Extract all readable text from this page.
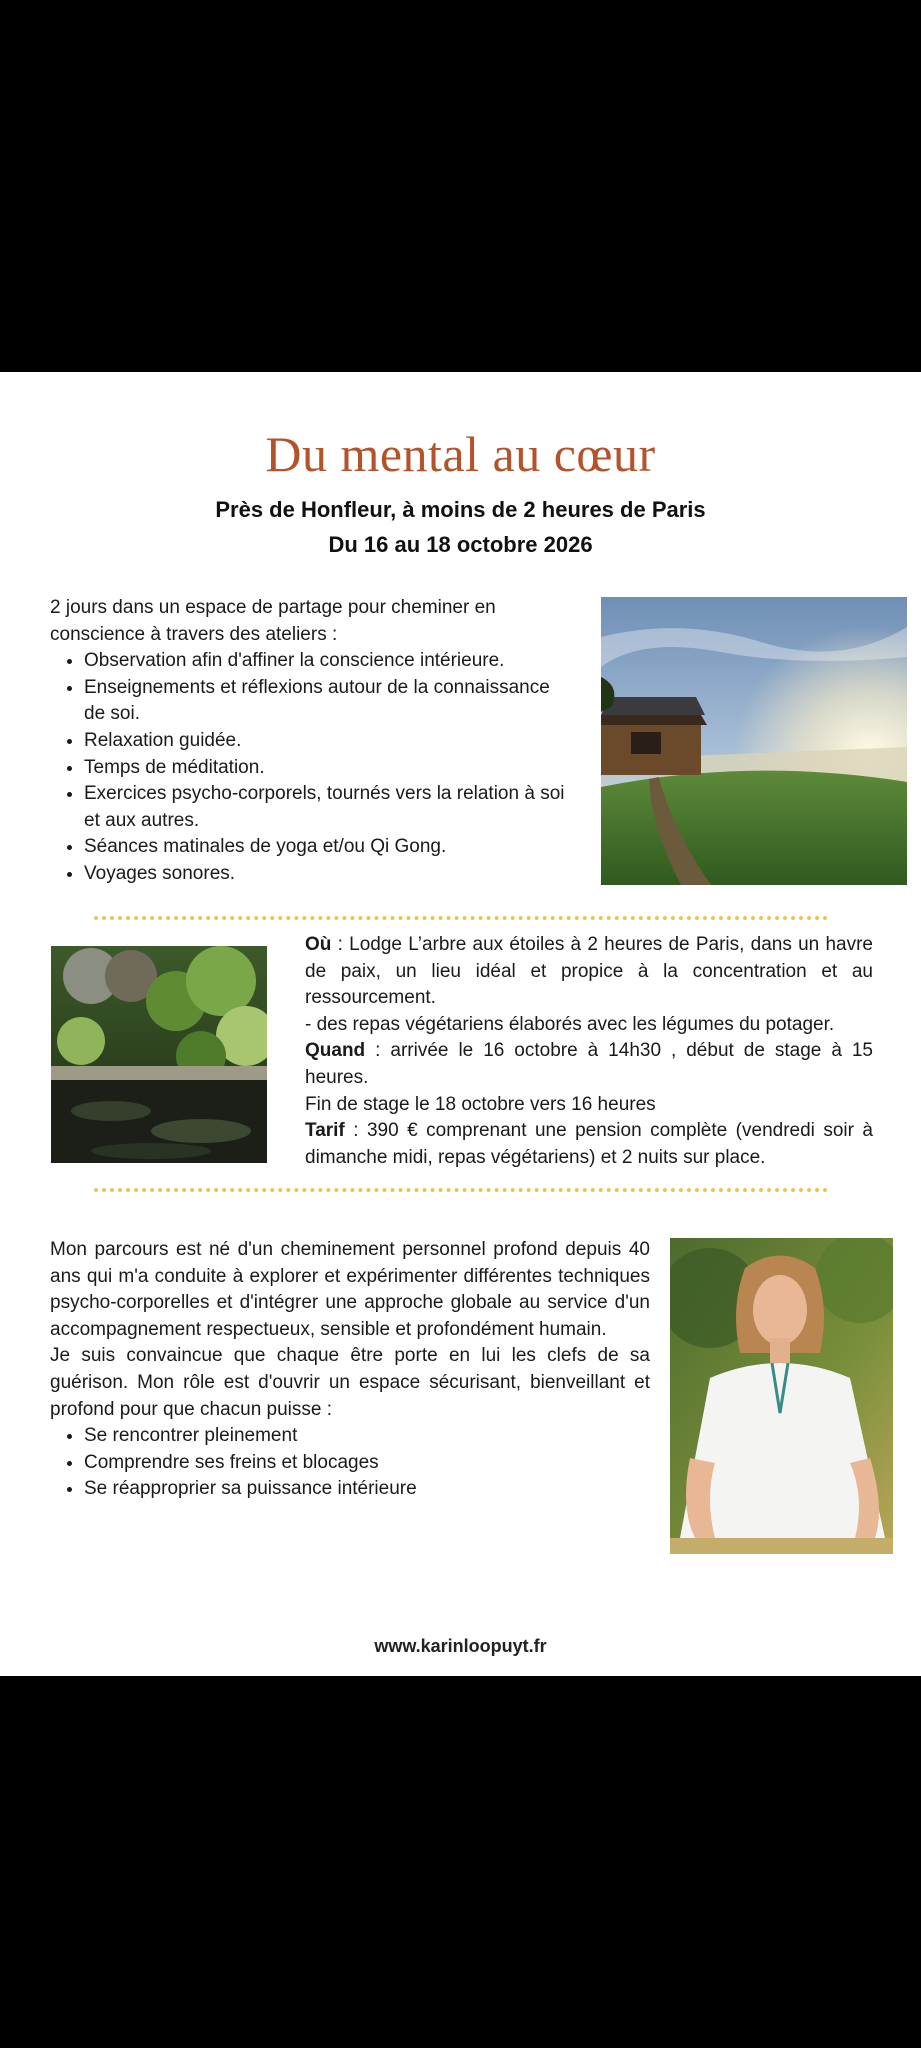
Du mental au cœur
Près de Honfleur, à moins de 2 heures de Paris
Du 16 au 18 octobre 2026
2 jours dans un espace de partage pour cheminer en
conscience à travers des ateliers :
• Observation afin d'affiner la conscience intérieure.
• Enseignements et réflexions autour de la connaissance de soi.
• Relaxation guidée.
• Temps de méditation.
• Exercices psycho-corporels, tournés vers la relation à soi et aux autres.
• Séances matinales de yoga et/ou Qi Gong.
• Voyages sonores.

Où : Lodge L’arbre aux étoiles à 2 heures de Paris, dans un havre de paix, un lieu idéal et propice à la concentration et au ressourcement.

- des repas végétariens élaborés avec les légumes du potager.

Quand : arrivée le 16 octobre à 14h30 , début de stage à 15 heures.

Fin de stage le 18 octobre vers 16 heures

Tarif : 390 € comprenant une pension complète (vendredi soir à dimanche midi, repas végétariens) et 2 nuits sur place.

Mon parcours est né d'un cheminement personnel profond depuis 40 ans qui m'a conduite à explorer et expérimenter différentes techniques psycho-corporelles et d'intégrer une approche globale au service d'un accompagnement respectueux, sensible et profondément humain.

Je suis convaincue que chaque être porte en lui les clefs de sa guérison. Mon rôle est d'ouvrir un espace sécurisant, bienveillant et profond pour que chacun puisse :

• Se rencontrer pleinement
• Comprendre ses freins et blocages
• Se réapproprier sa puissance intérieure
www.karinloopuyt.fr
